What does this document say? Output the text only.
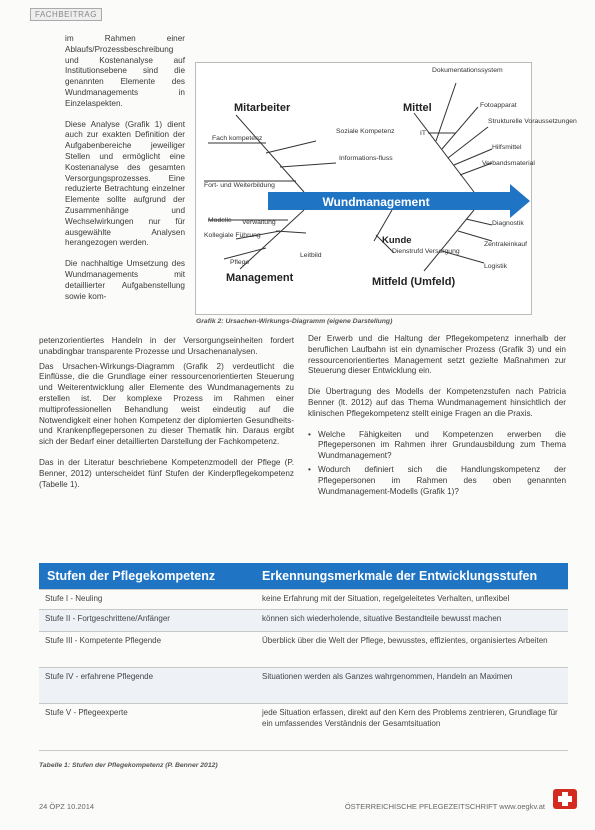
FACHBEITRAG

im Rahmen einer Ablaufs/Prozessbeschreibung und Kostenanalyse auf Institutionsebene sind die genannten Elemente des Wundmanagements in Einzelaspekten.

Diese Analyse (Grafik 1) dient auch zur exakten Definition der Aufgabenbereiche jeweiliger Stellen und ermöglicht eine Kostenanalyse des gesamten Versorgungsprozesses. Eine reduzierte Betrachtung einzelner Elemente sollte aufgrund der Zusammenhänge und Wechselwirkungen nur für ausgewählte Analysen herangezogen werden.

Die nachhaltige Umsetzung des Wundmanagements mit detaillierter Aufgabenstellung sowie kom-

Wundmanagement
Mitarbeiter	Mittel
Management
Kunde
Mitfeld (Umfeld)
Fach kompetenz
Soziale Kompetenz
Informations-fluss
Fort- und Weiterbildung
Dokumentationssystem
Fotoapparat
Strukturelle Voraussetzungen
IT
Hilfsmittel
Verbandsmaterial
Modelle Verwaltung
Kollegiale Führung
Leitbild
Pflege
Dienstrufd Versorgung
Diagnostik
Zentraleinkauf
Logistik
Grafik 2: Ursachen-Wirkungs-Diagramm (eigene Darstellung)

petenzorientiertes Handeln in der Versorgungseinheiten fordert unabdingbar transparente Prozesse und Ursachenanalysen.

Das Ursachen-Wirkungs-Diagramm (Grafik 2) verdeutlicht die Einflüsse, die die Grundlage einer ressourcenorientierten Steuerung und Weiterentwicklung aller Elemente des Wundmanagements zu erstellen ist. Der komplexe Prozess im Rahmen einer multiprofessionellen Behandlung weist eindeutig auf die Notwendigkeit einer hohen Kompetenz der diplomierten Gesundheits- und Krankenpflegepersonen zu dieser Thematik hin. Daraus ergibt sich der Bedarf einer detaillierten Darstellung der Fachkompetenz.

Das in der Literatur beschriebene Kompetenzmodell der Pflege (P. Benner, 2012) unterscheidet fünf Stufen der Kinderpflegekompetenz (Tabelle 1).

Der Erwerb und die Haltung der Pflegekompetenz innerhalb der beruflichen Laufbahn ist ein dynamischer Prozess (Grafik 3) und ein ressourcenorientiertes Management setzt gezielte Maßnahmen zur Steuerung dieser Entwicklung ein.

Die Übertragung des Modells der Kompetenzstufen nach Patricia Benner (lt. 2012) auf das Thema Wundmanagement hinsichtlich der klinischen Pflegekompetenz stellt einige Fragen an die Praxis.

• Welche Fähigkeiten und Kompetenzen erwerben die Pflegepersonen im Rahmen ihrer Grundausbildung zum Thema Wundmanagement?
• Wodurch definiert sich die Handlungskompetenz der Pflegepersonen im Rahmen des oben genannten Wundmanagement-Modells (Grafik 1)?
Stufen der Pflegekompetenz	Erkennungsmerkmale der Entwicklungsstufen
Stufe I - Neuling	keine Erfahrung mit der Situation, regelgeleitetes Verhalten, unflexibel
Stufe II - Fortgeschrittene/Anfänger	können sich wiederholende, situative Bestandteile bewusst machen
Stufe III - Kompetente Pflegende	Überblick über die Welt der Pflege, bewusstes, effizientes, organisiertes Arbeiten
Stufe IV - erfahrene Pflegende	Situationen werden als Ganzes wahrgenommen, Handeln an Maximen
Stufe V - Pflegeexperte	jede Situation erfassen, direkt auf den Kern des Problems zentrieren, Grundlage für ein umfassendes Verständnis der Gesamtsituation
Tabelle 1: Stufen der Pflegekompetenz (P. Benner 2012)
24 ÖPZ 10.2014	ÖSTERREICHISCHE PFLEGEZEITSCHRIFT www.oegkv.at
